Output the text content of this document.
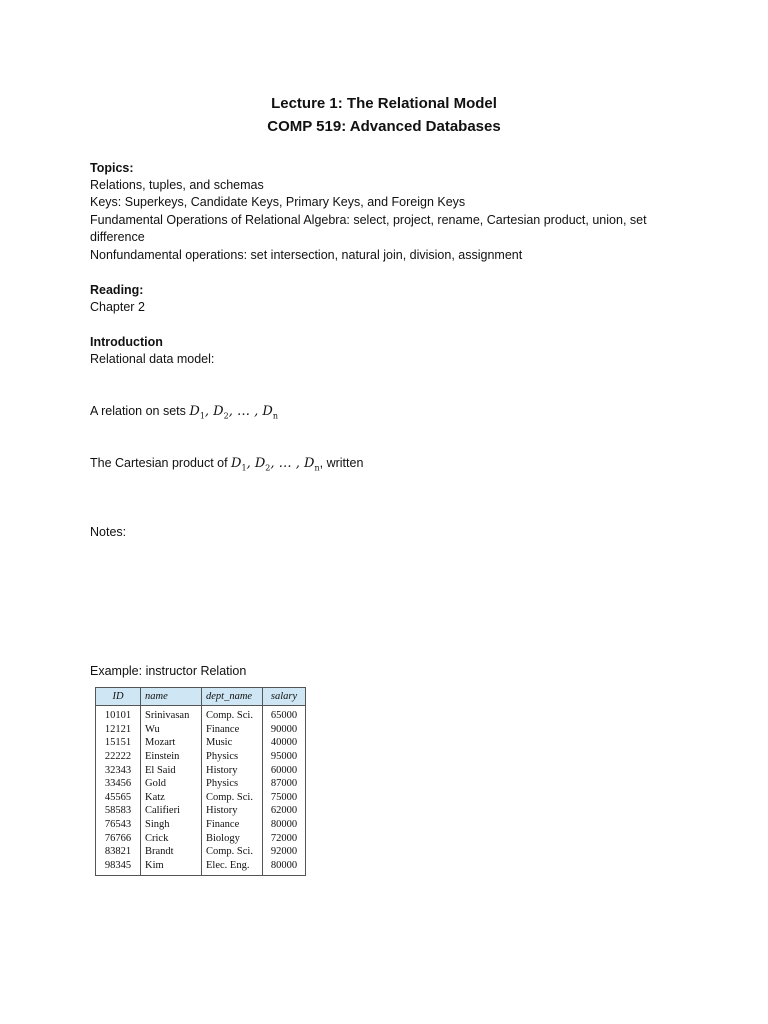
Lecture 1: The Relational Model
COMP 519: Advanced Databases
Topics:
Relations, tuples, and schemas
Keys: Superkeys, Candidate Keys, Primary Keys, and Foreign Keys
Fundamental Operations of Relational Algebra: select, project, rename, Cartesian product, union, set difference
Nonfundamental operations: set intersection, natural join, division, assignment
Reading:
Chapter 2
Introduction
Relational data model:
A relation on sets $D_1$, $D_2$, … , $D_n$
The Cartesian product of $D_1$, $D_2$, … , $D_n$, written
Notes:
Example: instructor Relation
ID	name	dept_name	salary
10101	Srinivasan	Comp. Sci.	65000
12121	Wu	Finance	90000
15151	Mozart	Music	40000
22222	Einstein	Physics	95000
32343	El Said	History	60000
33456	Gold	Physics	87000
45565	Katz	Comp. Sci.	75000
58583	Califieri	History	62000
76543	Singh	Finance	80000
76766	Crick	Biology	72000
83821	Brandt	Comp. Sci.	92000
98345	Kim	Elec. Eng.	80000
